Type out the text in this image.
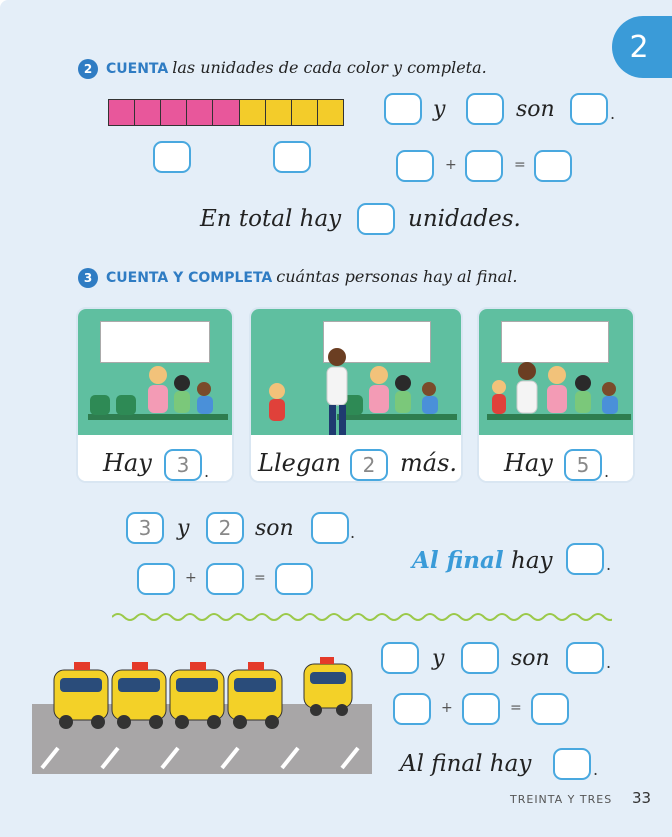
2
2 CUENTA las unidades de cada color y completa.
y	son	.
+	=
En total hay	unidades.
3 CUENTA Y COMPLETA cuántas personas hay al final.
Hay	3 . Llegan	2	más. Hay	5 .
3	y	2	son	.
+	=
Al final hay	.
y	son	.
+	=
Al final hay	.
TREINTA Y TRES 33
